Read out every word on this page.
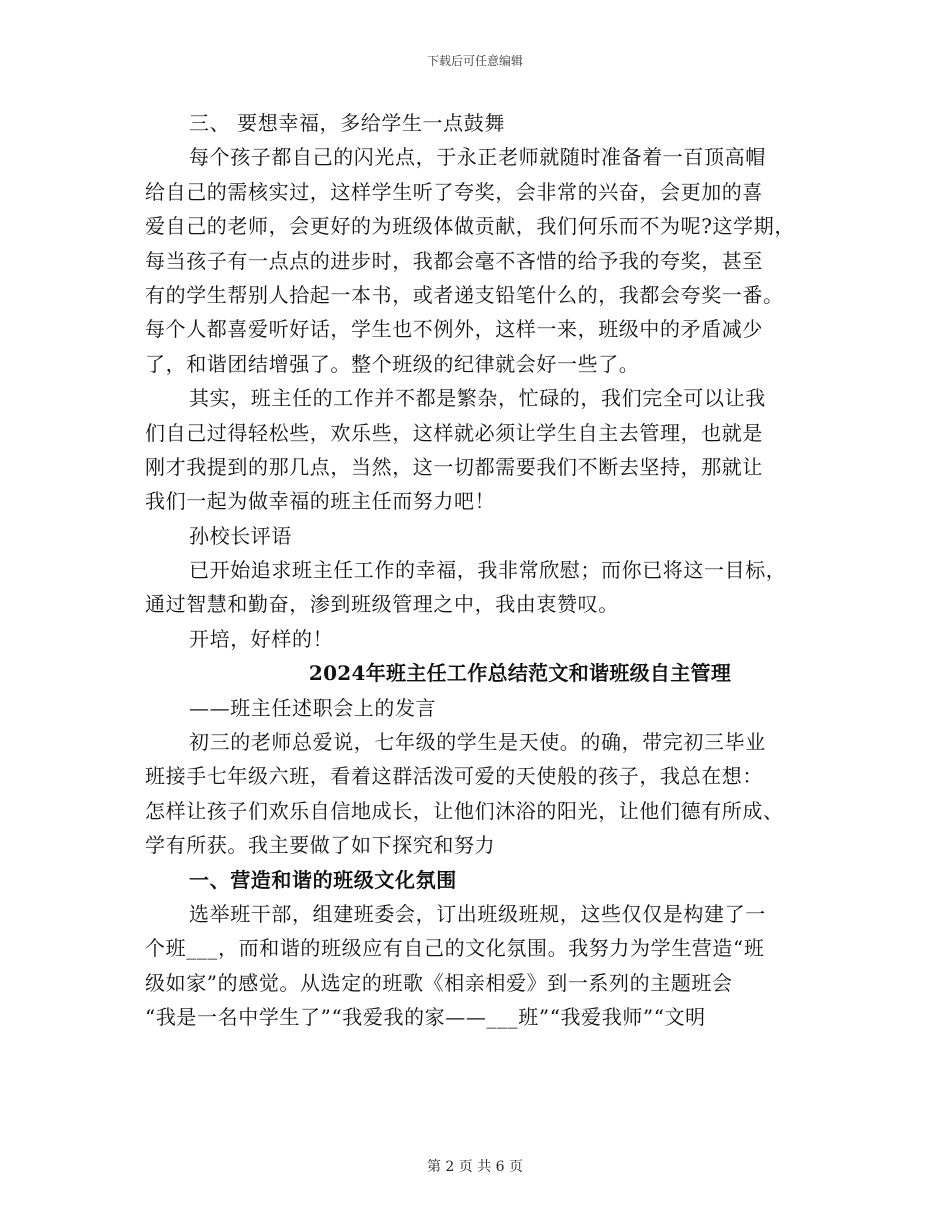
下载后可任意编辑
三、 要想幸福，多给学生一点鼓舞
每个孩子都自己的闪光点，于永正老师就随时准备着一百顶高帽
给自己的需核实过，这样学生听了夸奖，会非常的兴奋，会更加的喜
爱自己的老师，会更好的为班级体做贡献，我们何乐而不为呢?这学期，
每当孩子有一点点的进步时，我都会毫不吝惜的给予我的夸奖，甚至
有的学生帮别人拾起一本书，或者递支铅笔什么的，我都会夸奖一番。
每个人都喜爱听好话，学生也不例外，这样一来，班级中的矛盾减少
了，和谐团结增强了。整个班级的纪律就会好一些了。
其实，班主任的工作并不都是繁杂，忙碌的，我们完全可以让我
们自己过得轻松些，欢乐些，这样就必须让学生自主去管理，也就是
刚才我提到的那几点，当然，这一切都需要我们不断去坚持，那就让
我们一起为做幸福的班主任而努力吧！
孙校长评语
已开始追求班主任工作的幸福，我非常欣慰；而你已将这一目标，
通过智慧和勤奋，渗到班级管理之中，我由衷赞叹。
开培，好样的！
2024年班主任工作总结范文和谐班级自主管理
——班主任述职会上的发言
初三的老师总爱说，七年级的学生是天使。的确，带完初三毕业
班接手七年级六班，看着这群活泼可爱的天使般的孩子，我总在想：
怎样让孩子们欢乐自信地成长，让他们沐浴的阳光，让他们德有所成、
学有所获。我主要做了如下探究和努力
一、营造和谐的班级文化氛围
选举班干部，组建班委会，订出班级班规，这些仅仅是构建了一
个班___，而和谐的班级应有自己的文化氛围。我努力为学生营造“班
级如家”的感觉。从选定的班歌《相亲相爱》到一系列的主题班会
“我是一名中学生了”“我爱我的家——___班”“我爱我师”“文明
第 2 页 共 6 页
